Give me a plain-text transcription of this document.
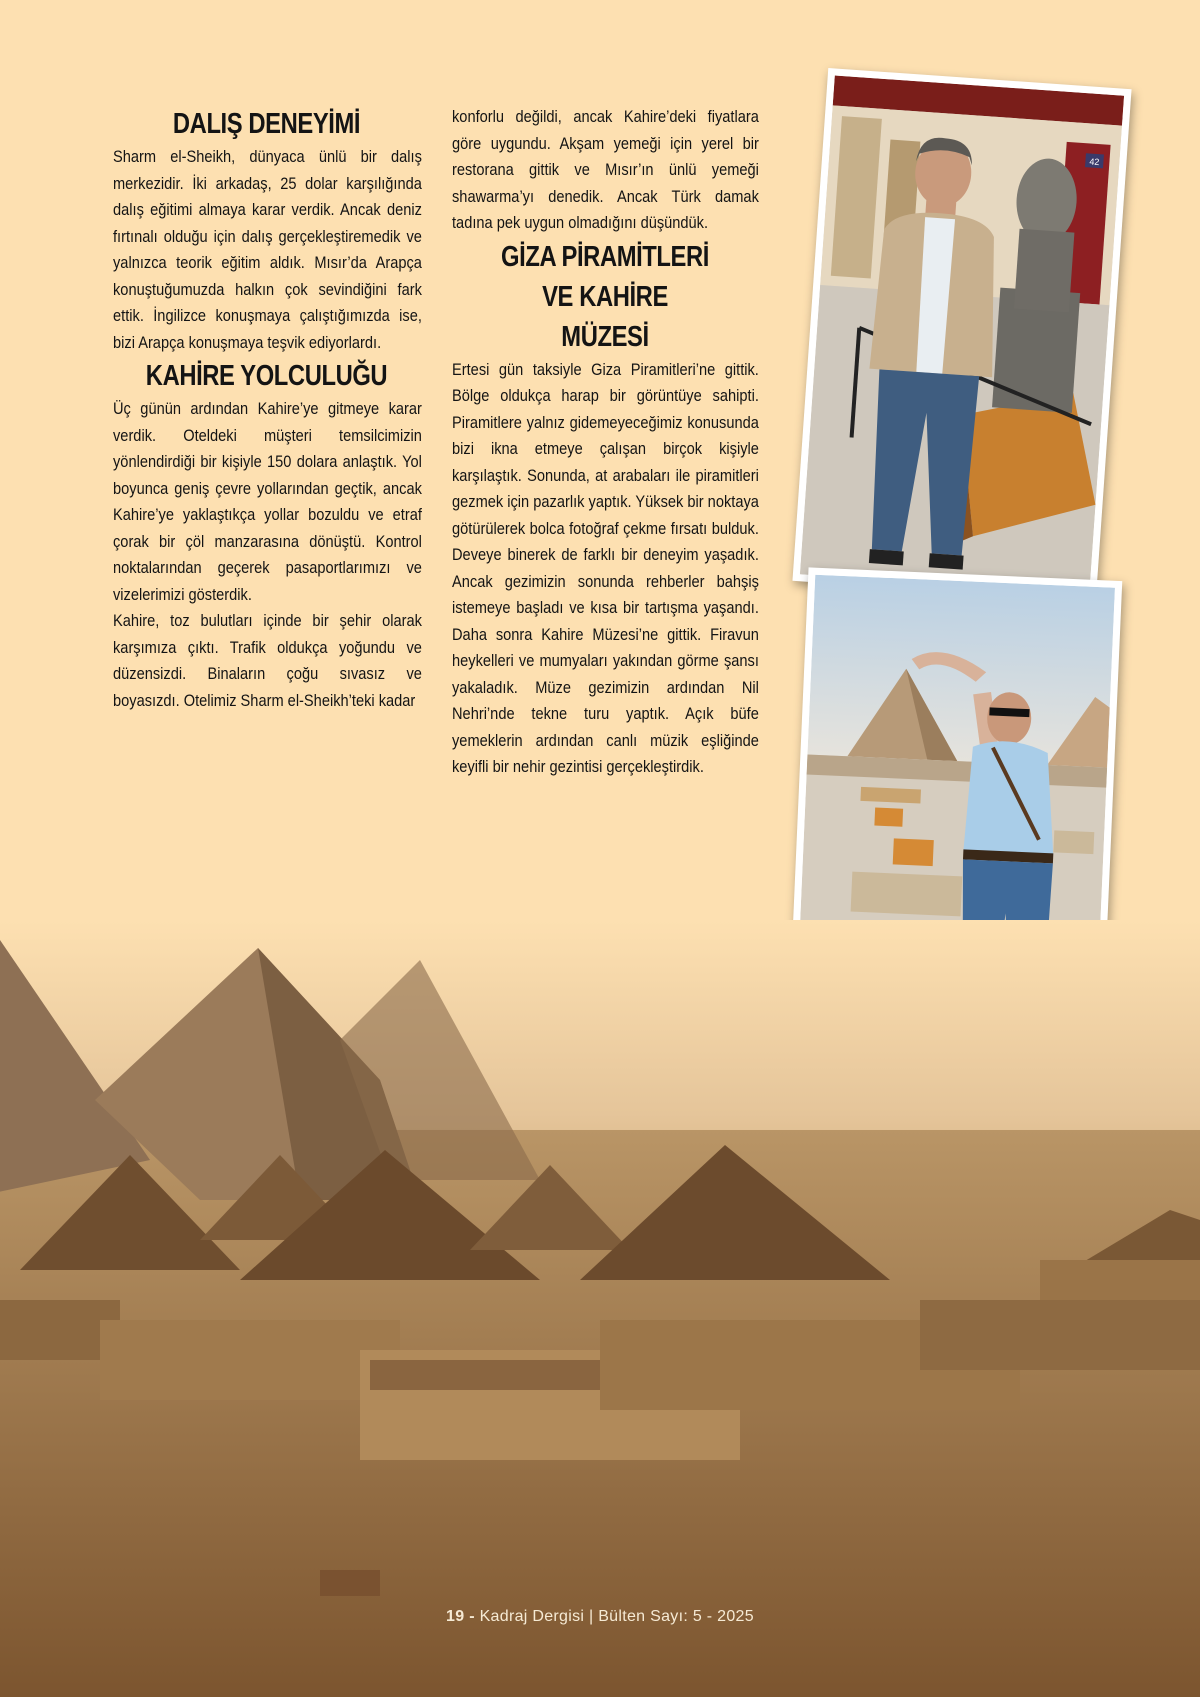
DALIŞ DENEYİMİ

Sharm el-Sheikh, dünyaca ünlü bir dalış merkezidir. İki arkadaş, 25 dolar karşılığında dalış eğitimi almaya karar verdik. Ancak deniz fırtınalı olduğu için dalış gerçekleştiremedik ve yalnızca teorik eğitim aldık. Mısır’da Arapça konuştuğumuzda halkın çok sevindiğini fark ettik. İngilizce konuşmaya çalıştığımızda ise, bizi Arapça konuşmaya teşvik ediyorlardı.

KAHİRE YOLCULUĞU

Üç günün ardından Kahire’ye gitmeye karar verdik. Oteldeki müşteri temsilcimizin yönlendirdiği bir kişiyle 150 dolara anlaştık. Yol boyunca geniş çevre yollarından geçtik, ancak Kahire’ye yaklaştıkça yollar bozuldu ve etraf çorak bir çöl manzarasına dönüştü. Kontrol noktalarından geçerek pasaportlarımızı ve vizelerimizi gösterdik.

Kahire, toz bulutları içinde bir şehir olarak karşımıza çıktı. Trafik oldukça yoğundu ve düzensizdi. Binaların çoğu sıvasız ve boyasızdı. Otelimiz Sharm el-Sheikh’teki kadar

konforlu değildi, ancak Kahire’deki fiyatlara göre uygundu. Akşam yemeği için yerel bir restorana gittik ve Mısır’ın ünlü yemeği shawarma’yı denedik. Ancak Türk damak tadına pek uygun olmadığını düşündük.

GİZA PİRAMİTLERİ VE KAHİRE MÜZESİ

Ertesi gün taksiyle Giza Piramitleri’ne gittik. Bölge oldukça harap bir görüntüye sahipti. Piramitlere yalnız gidemeyeceğimiz konusunda bizi ikna etmeye çalışan birçok kişiyle karşılaştık. Sonunda, at arabaları ile piramitleri gezmek için pazarlık yaptık. Yüksek bir noktaya götürülerek bolca fotoğraf çekme fırsatı bulduk. Deveye binerek de farklı bir deneyim yaşadık. Ancak gezimizin sonunda rehberler bahşiş istemeye başladı ve kısa bir tartışma yaşandı. Daha sonra Kahire Müzesi’ne gittik. Firavun heykelleri ve mumyaları yakından görme şansı yakaladık. Müze gezimizin ardından Nil Nehri’nde tekne turu yaptık. Açık büfe yemeklerin ardından canlı müzik eşliğinde keyifli bir nehir gezintisi gerçekleştirdik.

42
19 - Kadraj Dergisi | Bülten Sayı: 5 - 2025
